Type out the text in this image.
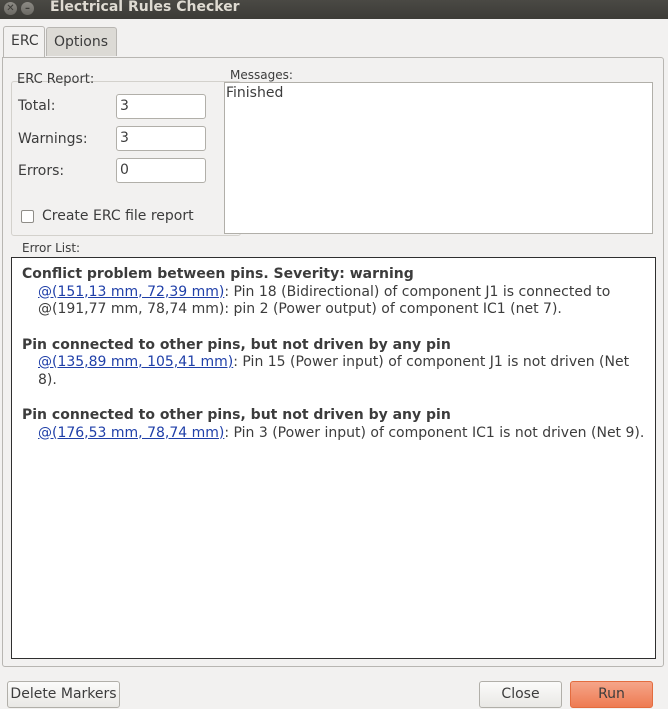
✕	– Electrical Rules Checker
ERC	Options
ERC Report:
Total:	3
Warnings: 3
Errors:	0
Create ERC file report
Messages:
Finished
Error List:
Conflict problem between pins. Severity: warning
@(151,13 mm, 72,39 mm): Pin 18 (Bidirectional) of component J1 is connected to
@(191,77 mm, 78,74 mm): pin 2 (Power output) of component IC1 (net 7).
Pin connected to other pins, but not driven by any pin
@(135,89 mm, 105,41 mm): Pin 15 (Power input) of component J1 is not driven (Net 8).
Pin connected to other pins, but not driven by any pin
@(176,53 mm, 78,74 mm): Pin 3 (Power input) of component IC1 is not driven (Net 9).
Delete Markers	Close	Run
